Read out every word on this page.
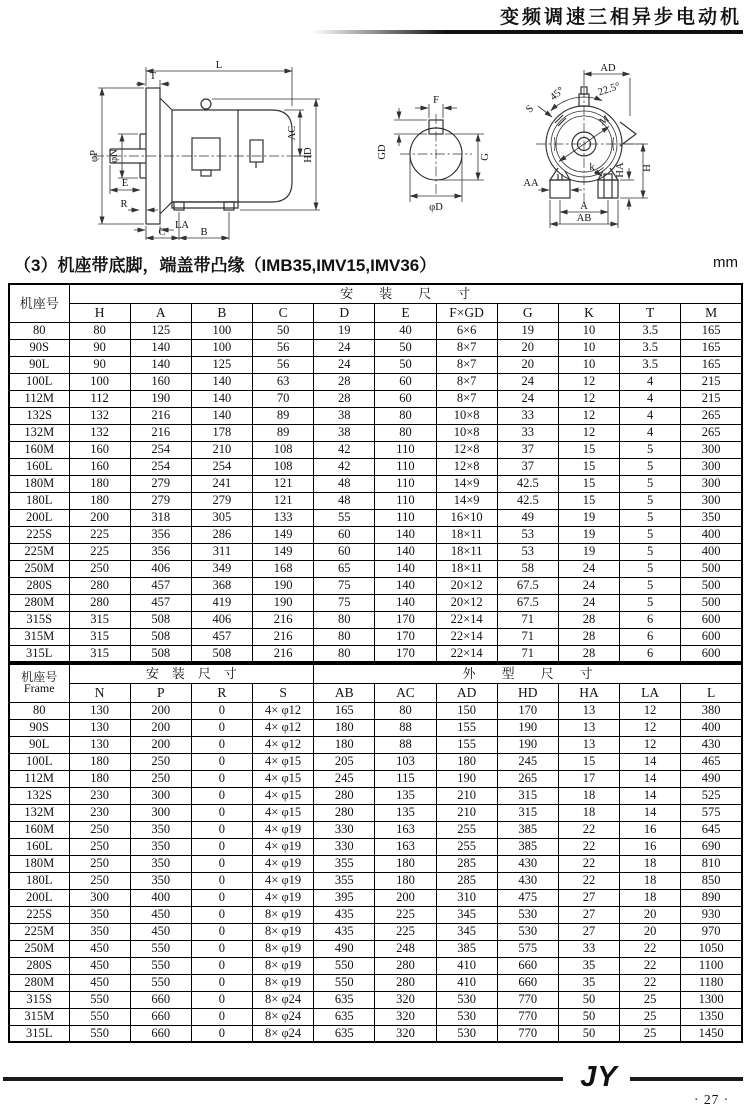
变频调速三相异步电动机
L
T
φP φN
E
R
LA
C	B
AC
HD
F
GD	G
φD
AD
45°	22.5°
S
M
H
HA
k
AA
A
AB
（3）机座带底脚，端盖带凸缘（IMB35,IMV15,IMV36）	mm
机座号	安　　装　　尺　　寸										
	H	A	B	C	D	E	F×GD	G	K	T	M
80	80	125	100	50	19	40	6×6	19	10	3.5	165
90S	90	140	100	56	24	50	8×7	20	10	3.5	165
90L	90	140	125	56	24	50	8×7	20	10	3.5	165
100L	100	160	140	63	28	60	8×7	24	12	4	215
112M	112	190	140	70	28	60	8×7	24	12	4	215
132S	132	216	140	89	38	80	10×8	33	12	4	265
132M	132	216	178	89	38	80	10×8	33	12	4	265
160M	160	254	210	108	42	110	12×8	37	15	5	300
160L	160	254	254	108	42	110	12×8	37	15	5	300
180M	180	279	241	121	48	110	14×9	42.5	15	5	300
180L	180	279	279	121	48	110	14×9	42.5	15	5	300
200L	200	318	305	133	55	110	16×10	49	19	5	350
225S	225	356	286	149	60	140	18×11	53	19	5	400
225M	225	356	311	149	60	140	18×11	53	19	5	400
250M	250	406	349	168	65	140	18×11	58	24	5	500
280S	280	457	368	190	75	140	20×12	67.5	24	5	500
280M	280	457	419	190	75	140	20×12	67.5	24	5	500
315S	315	508	406	216	80	170	22×14	71	28	6	600
315M	315	508	457	216	80	170	22×14	71	28	6	600
315L	315	508	508	216	80	170	22×14	71	28	6	600
机座号
Frame	安　装　尺　寸				外　　型　　尺　　寸						
	N	P	R	S	AB	AC	AD	HD	HA	LA	L
80	130	200	0	4× φ12	165	80	150	170	13	12	380
90S	130	200	0	4× φ12	180	88	155	190	13	12	400
90L	130	200	0	4× φ12	180	88	155	190	13	12	430
100L	180	250	0	4× φ15	205	103	180	245	15	14	465
112M	180	250	0	4× φ15	245	115	190	265	17	14	490
132S	230	300	0	4× φ15	280	135	210	315	18	14	525
132M	230	300	0	4× φ15	280	135	210	315	18	14	575
160M	250	350	0	4× φ19	330	163	255	385	22	16	645
160L	250	350	0	4× φ19	330	163	255	385	22	16	690
180M	250	350	0	4× φ19	355	180	285	430	22	18	810
180L	250	350	0	4× φ19	355	180	285	430	22	18	850
200L	300	400	0	4× φ19	395	200	310	475	27	18	890
225S	350	450	0	8× φ19	435	225	345	530	27	20	930
225M	350	450	0	8× φ19	435	225	345	530	27	20	970
250M	450	550	0	8× φ19	490	248	385	575	33	22	1050
280S	450	550	0	8× φ19	550	280	410	660	35	22	1100
280M	450	550	0	8× φ19	550	280	410	660	35	22	1180
315S	550	660	0	8× φ24	635	320	530	770	50	25	1300
315M	550	660	0	8× φ24	635	320	530	770	50	25	1350
315L	550	660	0	8× φ24	635	320	530	770	50	25	1450
JY
· 27 ·
